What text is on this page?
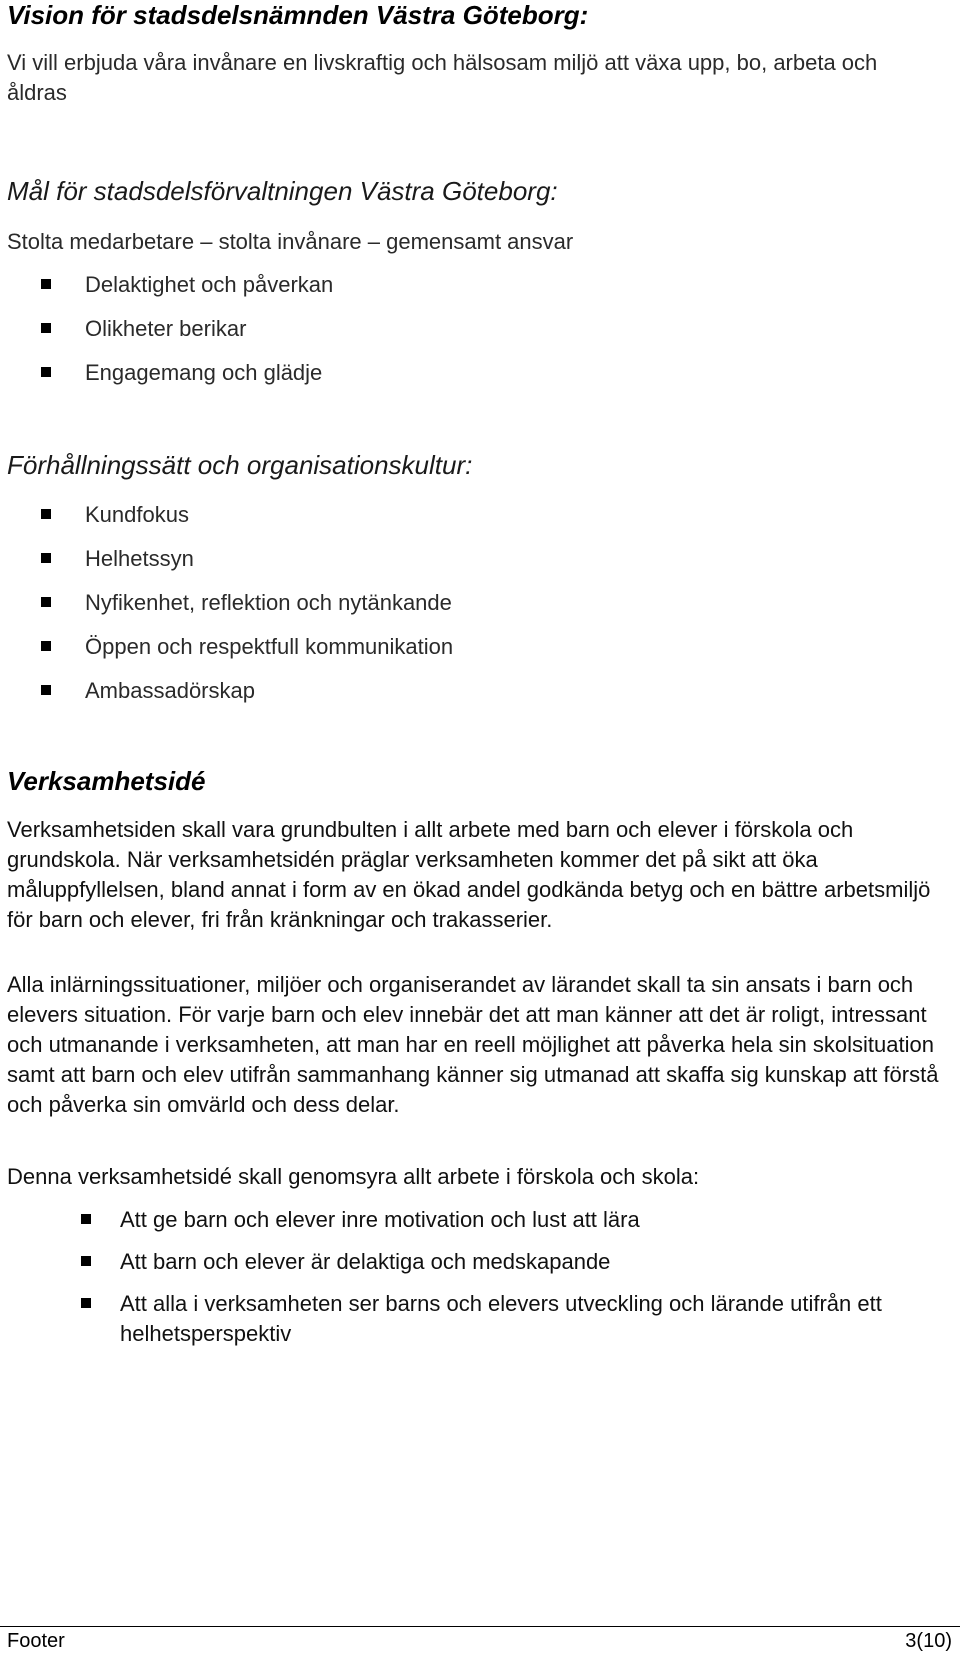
Vision för stadsdelsnämnden Västra Göteborg:

Vi vill erbjuda våra invånare en livskraftig och hälsosam miljö att växa upp, bo, arbeta och åldras

Mål för stadsdelsförvaltningen Västra Göteborg:

Stolta medarbetare – stolta invånare – gemensamt ansvar

Delaktighet och påverkan
Olikheter berikar
Engagemang och glädje
Förhållningssätt och organisationskultur:
Kundfokus
Helhetssyn
Nyfikenhet, reflektion och nytänkande
Öppen och respektfull kommunikation
Ambassadörskap
Verksamhetsidé

Verksamhetsiden skall vara grundbulten i allt arbete med barn och elever i förskola och grundskola. När verksamhetsidén präglar verksamheten kommer det på sikt att öka måluppfyllelsen, bland annat i form av en ökad andel godkända betyg och en bättre arbetsmiljö för barn och elever, fri från kränkningar och trakasserier.

Alla inlärningssituationer, miljöer och organiserandet av lärandet skall ta sin ansats i barn och elevers situation. För varje barn och elev innebär det att man känner att det är roligt, intressant och utmanande i verksamheten, att man har en reell möjlighet att påverka hela sin skolsituation samt att barn och elev utifrån sammanhang känner sig utmanad att skaffa sig kunskap att förstå och påverka sin omvärld och dess delar.

Denna verksamhetsidé skall genomsyra allt arbete i förskola och skola:

Att ge barn och elever inre motivation och lust att lära
Att barn och elever är delaktiga och medskapande
Att alla i verksamheten ser barns och elevers utveckling och lärande utifrån ett helhetsperspektiv
Footer	3(10)
